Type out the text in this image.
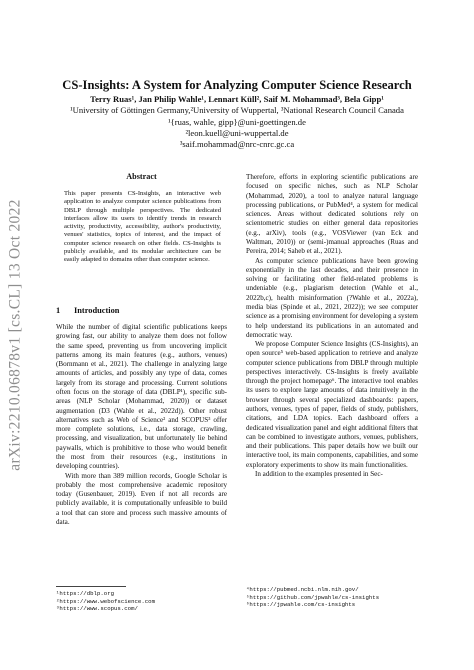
arXiv:2210.06878v1 [cs.CL] 13 Oct 2022
CS-Insights: A System for Analyzing Computer Science Research
Terry Ruas¹, Jan Philip Wahle¹, Lennart Küll², Saif M. Mohammad³, Bela Gipp¹
¹University of Göttingen Germany,²University of Wuppertal, ³National Research Council Canada
¹{ruas, wahle, gipp}@uni-goettingen.de
²leon.kuell@uni-wuppertal.de
³saif.mohammad@nrc-cnrc.gc.ca
Abstract
This paper presents CS-Insights, an interactive web application to analyze computer science publications from DBLP through multiple perspectives. The dedicated interfaces allow its users to identify trends in research activity, productivity, accessibility, author's productivity, venues' statistics, topics of interest, and the impact of computer science research on other fields. CS-Insights is publicly available, and its modular architecture can be easily adapted to domains other than computer science.
1 Introduction

While the number of digital scientific publications keeps growing fast, our ability to analyze them does not follow the same speed, preventing us from uncovering implicit patterns among its main features (e.g., authors, venues) (Bornmann et al., 2021). The challenge in analyzing large amounts of articles, and possibly any type of data, comes largely from its storage and processing. Current solutions often focus on the storage of data (DBLP¹), specific sub-areas (NLP Scholar (Mohammad, 2020)) or dataset augmentation (D3 (Wahle et al., 2022d)). Other robust alternatives such as Web of Science² and SCOPUS³ offer more complete solutions, i.e., data storage, crawling, processing, and visualization, but unfortunately lie behind paywalls, which is prohibitive to those who would benefit the most from their resources (e.g., institutions in developing countries).

With more than 389 million records, Google Scholar is probably the most comprehensive academic repository today (Gusenbauer, 2019). Even if not all records are publicly available, it is computationally unfeasible to build a tool that can store and process such massive amounts of data.

Therefore, efforts in exploring scientific publications are focused on specific niches, such as NLP Scholar (Mohammad, 2020), a tool to analyze natural language processing publications, or PubMed⁴, a system for medical sciences. Areas without dedicated solutions rely on scientometric studies on either general data repositories (e.g., arXiv), tools (e.g., VOSViewer (van Eck and Waltman, 2010)) or (semi-)manual approaches (Ruas and Pereira, 2014; Saheb et al., 2021).

As computer science publications have been growing exponentially in the last decades, and their presence in solving or facilitating other field-related problems is undeniable (e.g., plagiarism detection (Wahle et al., 2022b,c), health misinformation (?Wahle et al., 2022a), media bias (Spinde et al., 2021, 2022)); we see computer science as a promising environment for developing a system to help understand its publications in an automated and democratic way.

We propose Computer Science Insights (CS-Insights), an open source⁵ web-based application to retrieve and analyze computer science publications from DBLP through multiple perspectives interactively. CS-Insights is freely available through the project homepage⁶. The interactive tool enables its users to explore large amounts of data intuitively in the browser through several specialized dashboards: papers, authors, venues, types of paper, fields of study, publishers, citations, and LDA topics. Each dashboard offers a dedicated visualization panel and eight additional filters that can be combined to investigate authors, venues, publishers, and their publications. This paper details how we built our interactive tool, its main components, capabilities, and some exploratory experiments to show its main functionalities.

In addition to the examples presented in Sec-

¹https://dblp.org
²https://www.webofscience.com
³https://www.scopus.com/
⁴https://pubmed.ncbi.nlm.nih.gov/
⁵https://github.com/jpwahle/cs-insights
⁶https://jpwahle.com/cs-insights
